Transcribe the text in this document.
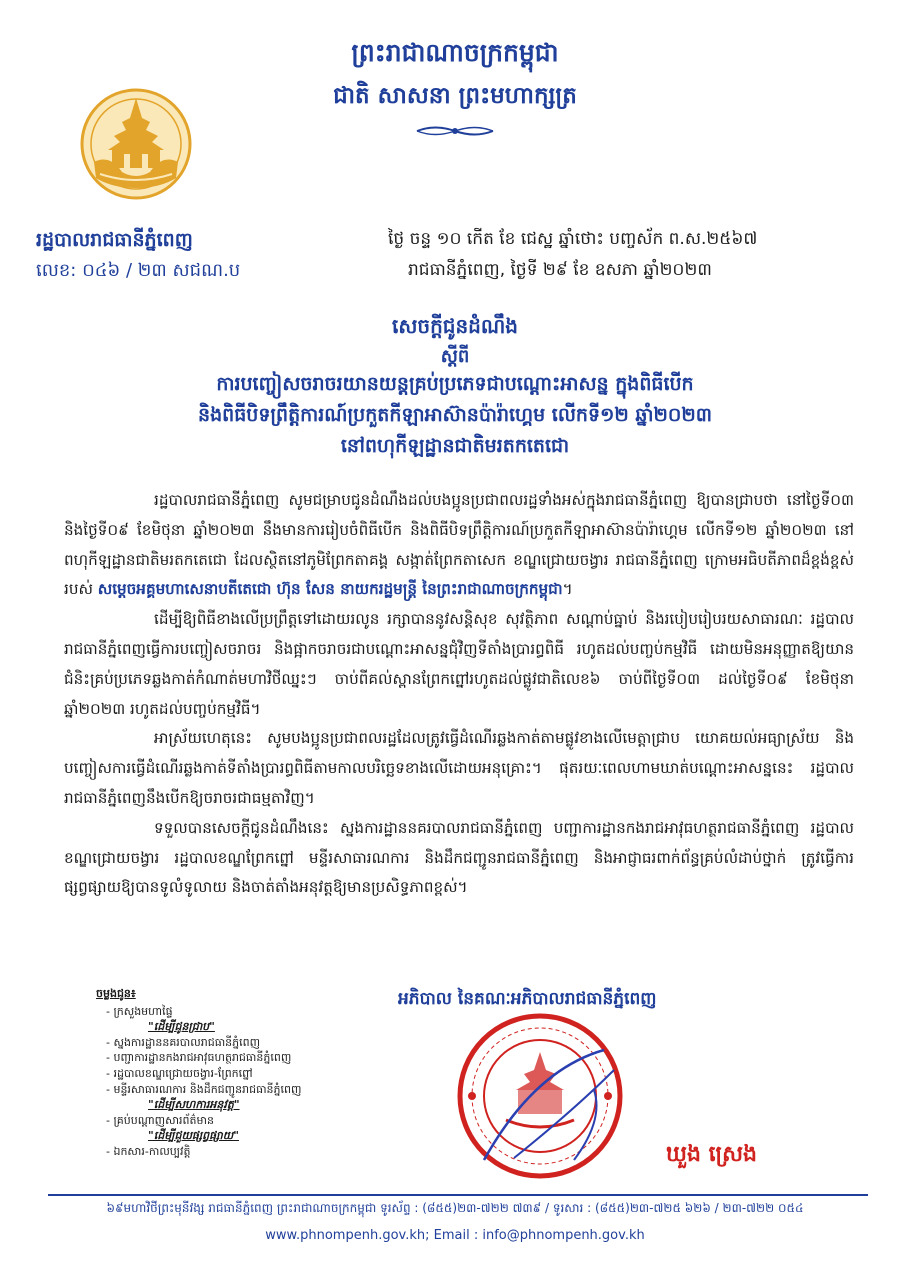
ព្រះរាជាណាចក្រកម្ពុជា
ជាតិ សាសនា ព្រះមហាក្សត្រ
រដ្ឋបាលរាជធានីភ្នំពេញ
លេខ: ០៤៦ / ២៣ សជណ.ប
ថ្ងៃ ចន្ទ ១០ កើត ខែ ជេស្ឋ ឆ្នាំថោះ បញ្ចស័ក ព.ស.២៥៦៧
រាជធានីភ្នំពេញ, ថ្ងៃទី ២៩ ខែ ឧសភា ឆ្នាំ២០២៣
សេចក្ដីជូនដំណឹង
ស្ដីពី
ការបញ្ចៀសចរាចរយានយន្ដគ្រប់ប្រភេទជាបណ្ដោះអាសន្ន ក្នុងពិធីបើក
និងពិធីបិទព្រឹត្ដិការណ៍ប្រកួតកីឡាអាស៊ានប៉ារ៉ាហ្គេម លើកទី១២ ឆ្នាំ២០២៣
នៅពហុកីឡដ្ឋានជាតិមរតកតេជោ

រដ្ឋបាលរាជធានីភ្នំពេញ សូមជម្រាបជូនដំណឹងដល់បងប្អូនប្រជាពលរដ្ឋទាំងអស់ក្នុងរាជធានីភ្នំពេញ ឱ្យបានជ្រាបថា នៅថ្ងៃទី០៣ និងថ្ងៃទី០៩ ខែមិថុនា ឆ្នាំ២០២៣ នឹងមានការរៀបចំពិធីបើក និងពិធីបិទព្រឹត្ដិការណ៍ប្រកួតកីឡាអាស៊ានប៉ារ៉ាហ្គេម លើកទី១២ ឆ្នាំ២០២៣ នៅពហុកីឡដ្ឋានជាតិមរតកតេជោ ដែលស្ថិតនៅភូមិព្រែកតាគង្គ សង្កាត់ព្រែកតាសេក ខណ្ឌជ្រោយចង្វារ រាជធានីភ្នំពេញ ក្រោមអធិបតីភាពដ៏ខ្ពង់ខ្ពស់របស់ សម្ដេចអគ្គមហាសេនាបតីតេជោ ហ៊ុន សែន នាយករដ្ឋមន្ដ្រី នៃព្រះរាជាណាចក្រកម្ពុជា។

ដើម្បីឱ្យពិធីខាងលើប្រព្រឹត្ដទៅដោយរលូន រក្សាបាននូវសន្ដិសុខ សុវត្ថិភាព សណ្ដាប់ធ្នាប់ និងរបៀបរៀបរយសាធារណៈ រដ្ឋបាលរាជធានីភ្នំពេញធ្វើការបញ្ចៀសចរាចរ និងផ្អាកចរាចរជាបណ្ដោះអាសន្នជុំវិញទីតាំងប្រារព្ធពិធី រហូតដល់បញ្ចប់កម្មវិធី ដោយមិនអនុញ្ញាតឱ្យយានជំនិះគ្រប់ប្រភេទឆ្លងកាត់កំណាត់មហាវិថីឈ្នះៗ ចាប់ពីគល់ស្ពានព្រែកព្នៅរហូតដល់ផ្លូវជាតិលេខ៦ ចាប់ពីថ្ងៃទី០៣ ដល់ថ្ងៃទី០៩ ខែមិថុនា ឆ្នាំ២០២៣ រហូតដល់បញ្ចប់កម្មវិធី។

អាស្រ័យហេតុនេះ សូមបងប្អូនប្រជាពលរដ្ឋដែលត្រូវធ្វើដំណើរឆ្លងកាត់តាមផ្លូវខាងលើមេត្ដាជ្រាប យោគយល់អធ្យាស្រ័យ និងបញ្ចៀសការធ្វើដំណើរឆ្លងកាត់ទីតាំងប្រារព្ធពិធីតាមកាលបរិច្ឆេទខាងលើដោយអនុគ្រោះ។ ផុតរយៈពេលហាមឃាត់បណ្ដោះអាសន្ននេះ រដ្ឋបាលរាជធានីភ្នំពេញនឹងបើកឱ្យចរាចរជាធម្មតាវិញ។

ទទួលបានសេចក្ដីជូនដំណឹងនេះ ស្នងការដ្ឋាននគរបាលរាជធានីភ្នំពេញ បញ្ជាការដ្ឋានកងរាជអាវុធហត្ថរាជធានីភ្នំពេញ រដ្ឋបាលខណ្ឌជ្រោយចង្វារ រដ្ឋបាលខណ្ឌព្រែកព្នៅ មន្ទីរសាធារណការ និងដឹកជញ្ជូនរាជធានីភ្នំពេញ និងអាជ្ញាធរពាក់ព័ន្ធគ្រប់លំដាប់ថ្នាក់ ត្រូវធ្វើការផ្សព្វផ្សាយឱ្យបានទូលំទូលាយ និងចាត់តាំងអនុវត្ដឱ្យមានប្រសិទ្ធភាពខ្ពស់។

ចម្លងជូន៖
- ក្រសួងមហាផ្ទៃ
"ដើម្បីជូនជ្រាប"
- ស្នងការដ្ឋាននគរបាលរាជធានីភ្នំពេញ
- បញ្ជាការដ្ឋានកងរាជអាវុធហត្ថរាជធានីភ្នំពេញ
- រដ្ឋបាលខណ្ឌជ្រោយចង្វារ-ព្រែកព្នៅ
- មន្ទីរសាធារណការ និងដឹកជញ្ជូនរាជធានីភ្នំពេញ
"ដើម្បីសហការអនុវត្ត"
- គ្រប់បណ្ដាញសារព័ត៌មាន
"ដើម្បីជួយផ្សព្វផ្សាយ"
- ឯកសារ-កាលប្បវត្តិ
អភិបាល នៃគណៈអភិបាលរាជធានីភ្នំពេញ
ឃួង ស្រេង
៦៩មហាវិថីព្រះមុនីវង្ស រាជធានីភ្នំពេញ ព្រះរាជាណាចក្រកម្ពុជា ទូរស័ព្ទ : (៨៥៥)២៣-៧២២ ៧៣៩ / ទូរសារ : (៨៥៥)២៣-៧២៥ ៦២៦ / ២៣-៧២២ ០៥៤
www.phnompenh.gov.kh; Email : info@phnompenh.gov.kh
